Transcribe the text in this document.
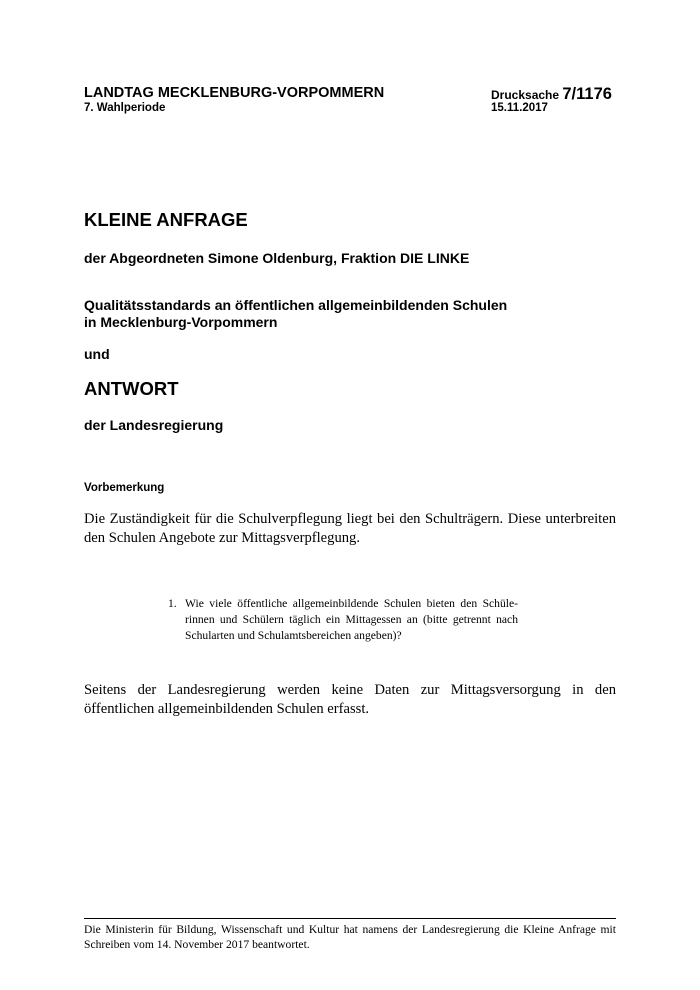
LANDTAG MECKLENBURG-VORPOMMERN
7. Wahlperiode
Drucksache 7/1176
15.11.2017
KLEINE ANFRAGE
der Abgeordneten Simone Oldenburg, Fraktion DIE LINKE
Qualitätsstandards an öffentlichen allgemeinbildenden Schulen
in Mecklenburg-Vorpommern
und
ANTWORT
der Landesregierung
Vorbemerkung
Die Zuständigkeit für die Schulverpflegung liegt bei den Schulträgern. Diese unterbreiten den Schulen Angebote zur Mittagsverpflegung.
1. Wie viele öffentliche allgemeinbildende Schulen bieten den Schüle- rinnen und Schülern täglich ein Mittagessen an (bitte getrennt nach Schularten und Schulamtsbereichen angeben)?
Seitens der Landesregierung werden keine Daten zur Mittagsversorgung in den öffentlichen allgemeinbildenden Schulen erfasst.
Die Ministerin für Bildung, Wissenschaft und Kultur hat namens der Landesregierung die Kleine Anfrage mit Schreiben vom 14. November 2017 beantwortet.
